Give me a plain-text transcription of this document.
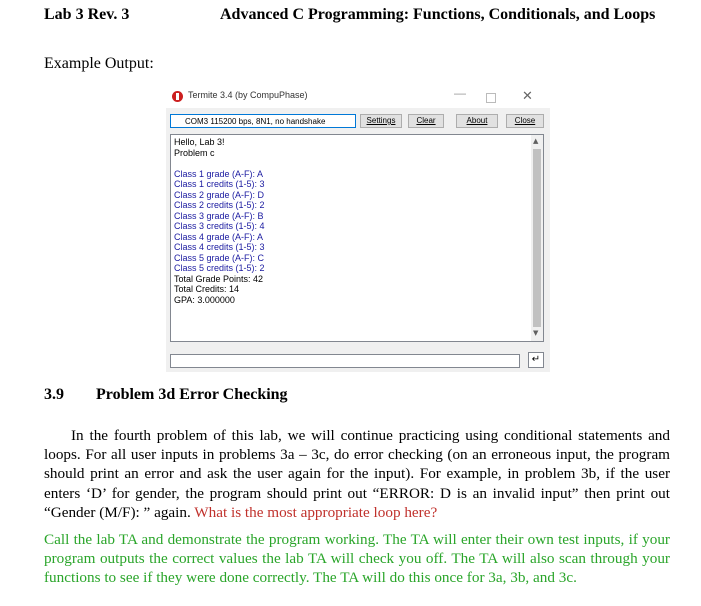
Lab 3 Rev. 3	Advanced C Programming: Functions, Conditionals, and Loops
Example Output:
Termite 3.4 (by CompuPhase)	—	✕
COM3 115200 bps, 8N1, no handshake	Settings	Clear	About	Close
Hello, Lab 3!
Problem c
Class 1 grade (A-F): A
Class 1 credits (1-5): 3
Class 2 grade (A-F): D
Class 2 credits (1-5): 2
Class 3 grade (A-F): B
Class 3 credits (1-5): 4
Class 4 grade (A-F): A
Class 4 credits (1-5): 3
Class 5 grade (A-F): C
Class 5 credits (1-5): 2
Total Grade Points: 42
Total Credits: 14
GPA: 3.000000
▲
▼
↵
3.9 Problem 3d Error Checking
In the fourth problem of this lab, we will continue practicing using conditional statements and loops. For all user inputs in problems 3a – 3c, do error checking (on an erroneous input, the program should print an error and ask the user again for the input). For example, in problem 3b, if the user enters ‘D’ for gender, the program should print out “ERROR: D is an invalid input” then print out “Gender (M/F): ” again. What is the most appropriate loop here?
Call the lab TA and demonstrate the program working. The TA will enter their own test inputs, if your program outputs the correct values the lab TA will check you off. The TA will also scan through your functions to see if they were done correctly. The TA will do this once for 3a, 3b, and 3c.
